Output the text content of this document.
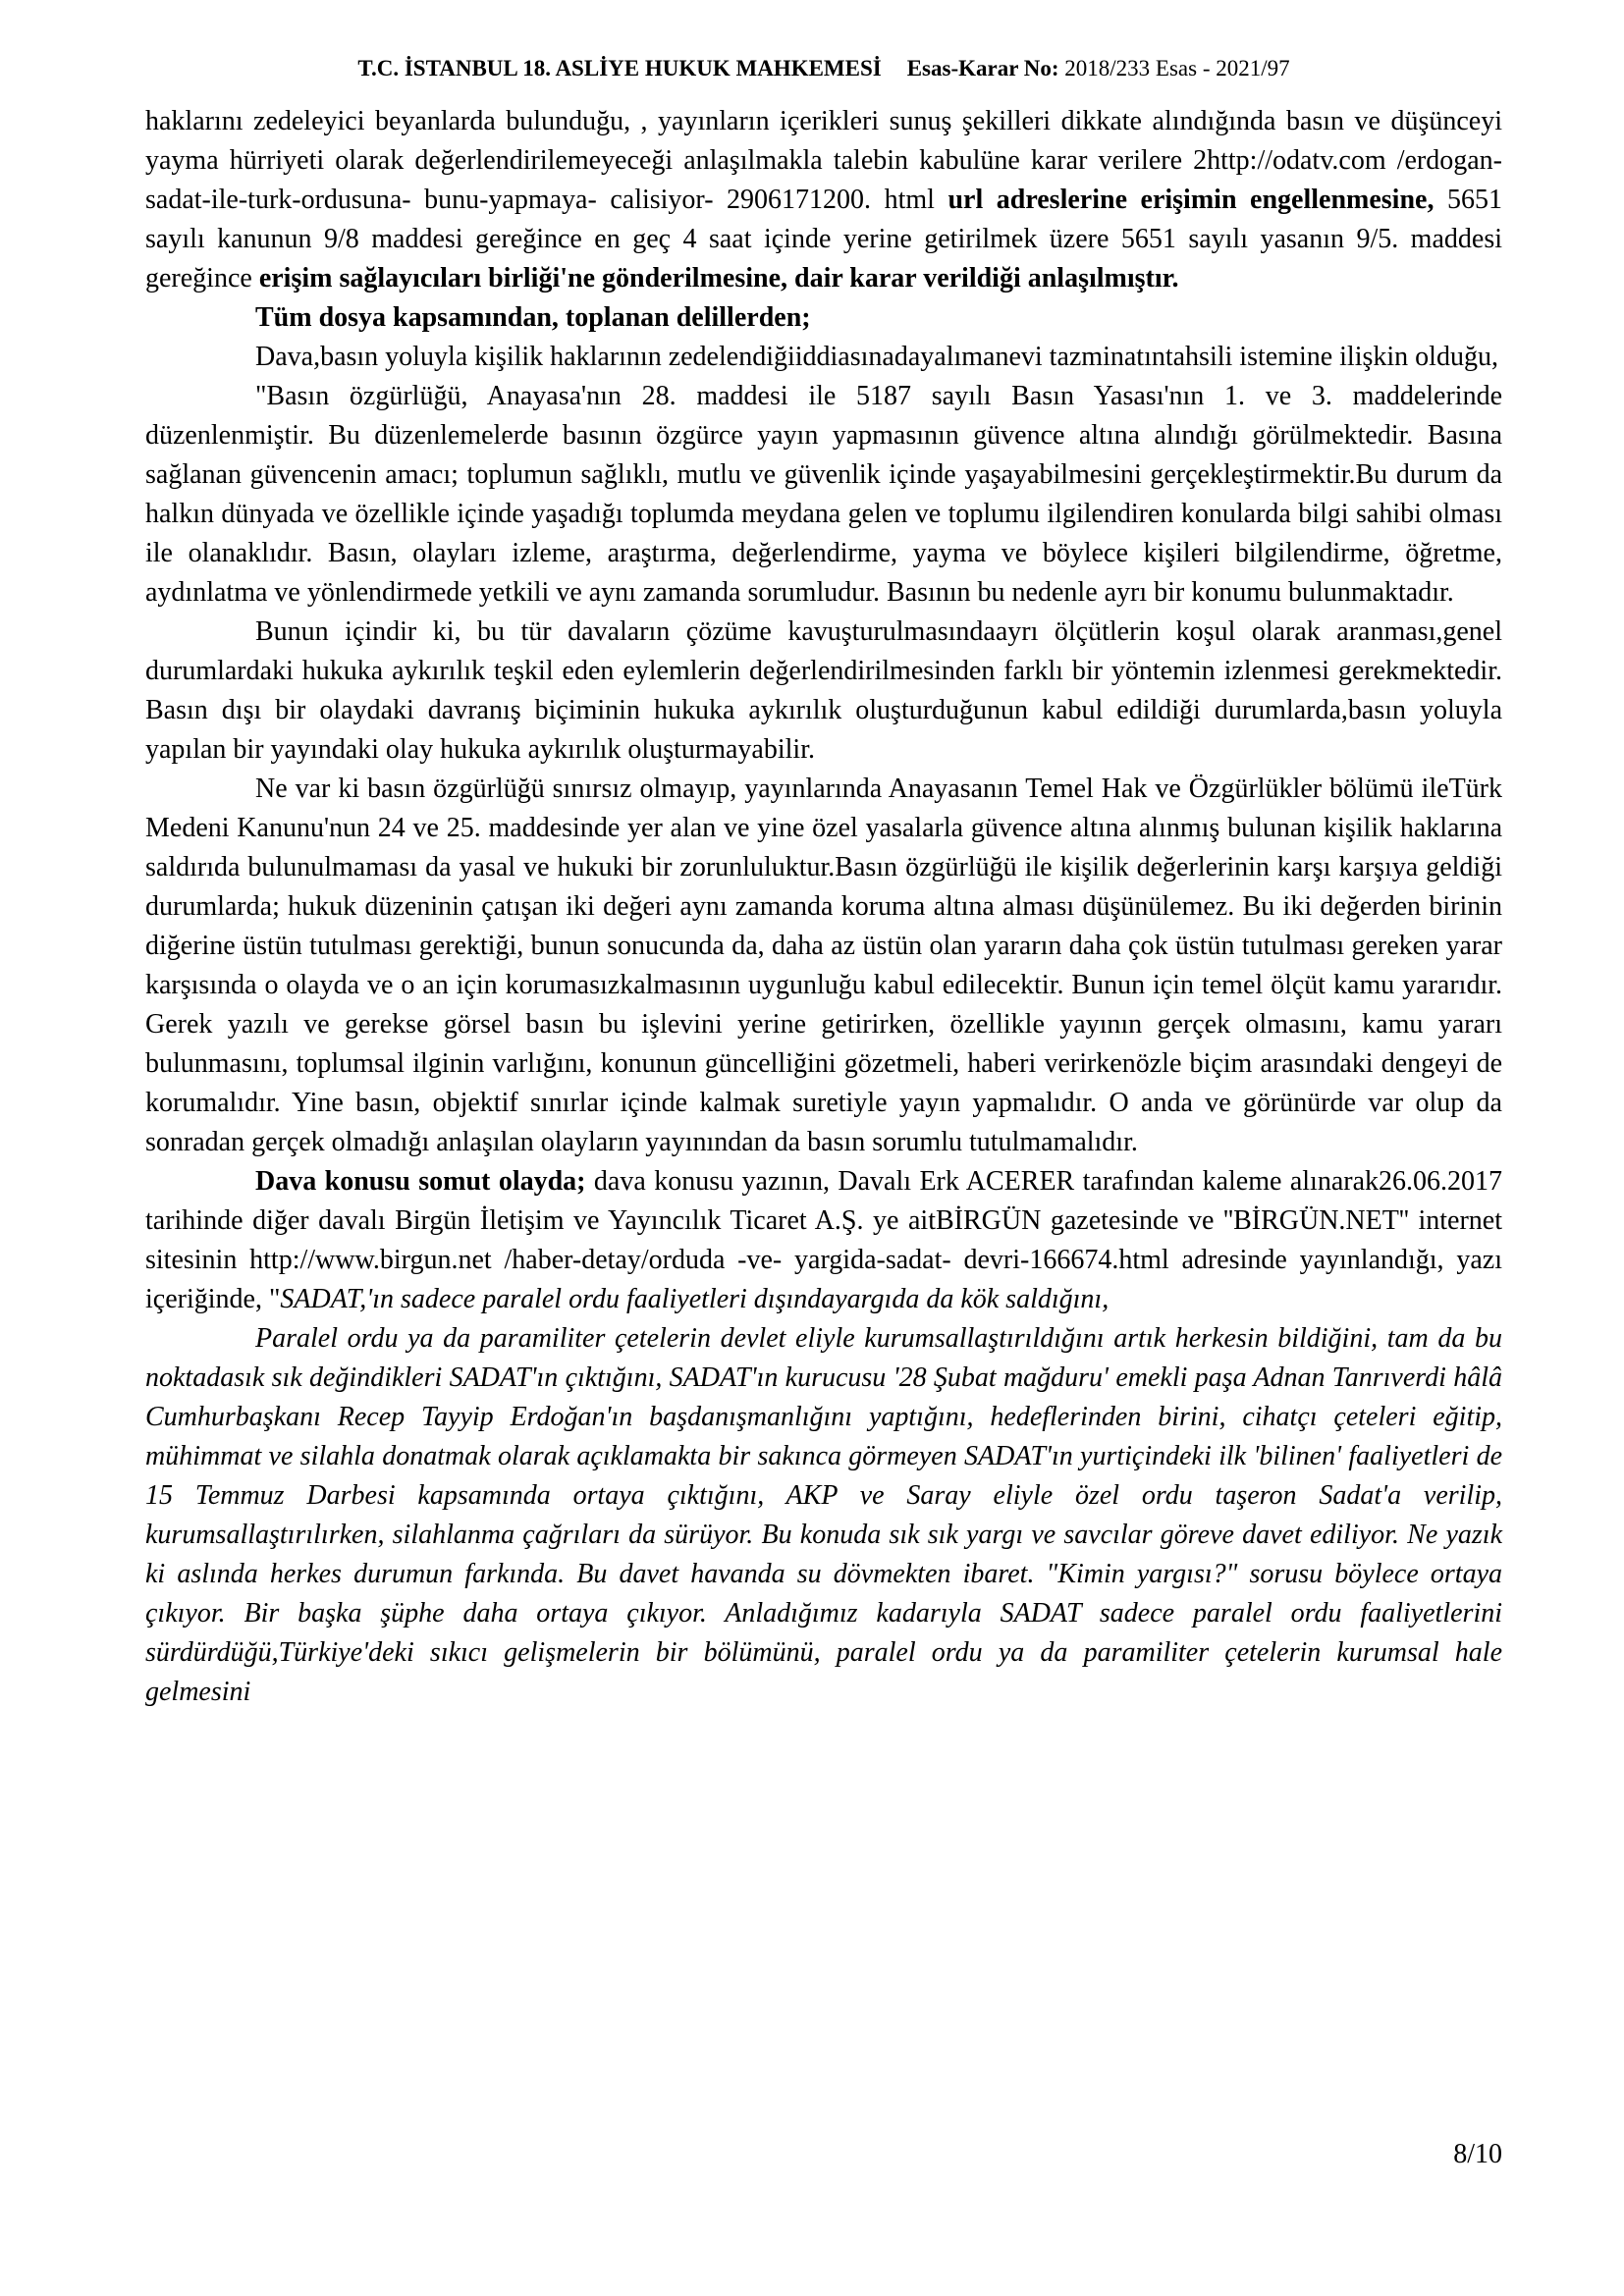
T.C. İSTANBUL 18. ASLİYE HUKUK MAHKEMESİ Esas-Karar No: 2018/233 Esas - 2021/97

haklarını zedeleyici beyanlarda bulunduğu, , yayınların içerikleri sunuş şekilleri dikkate alındığında basın ve düşünceyi yayma hürriyeti olarak değerlendirilemeyeceği anlaşılmakla talebin kabulüne karar verilere 2http://odatv.com /erdogan-sadat-ile-turk-ordusuna- bunu-yapmaya- calisiyor- 2906171200. html url adreslerine erişimin engellenmesine, 5651 sayılı kanunun 9/8 maddesi gereğince en geç 4 saat içinde yerine getirilmek üzere 5651 sayılı yasanın 9/5. maddesi gereğince erişim sağlayıcıları birliği'ne gönderilmesine, dair karar verildiği anlaşılmıştır.

Tüm dosya kapsamından, toplanan delillerden;

Dava,basın yoluyla kişilik haklarının zedelendiğiiddiasınadayalımanevi tazminatıntahsili istemine ilişkin olduğu,

"Basın özgürlüğü, Anayasa'nın 28. maddesi ile 5187 sayılı Basın Yasası'nın 1. ve 3. maddelerinde düzenlenmiştir. Bu düzenlemelerde basının özgürce yayın yapmasının güvence altına alındığı görülmektedir. Basına sağlanan güvencenin amacı; toplumun sağlıklı, mutlu ve güvenlik içinde yaşayabilmesini gerçekleştirmektir.Bu durum da halkın dünyada ve özellikle içinde yaşadığı toplumda meydana gelen ve toplumu ilgilendiren konularda bilgi sahibi olması ile olanaklıdır. Basın, olayları izleme, araştırma, değerlendirme, yayma ve böylece kişileri bilgilendirme, öğretme, aydınlatma ve yönlendirmede yetkili ve aynı zamanda sorumludur. Basının bu nedenle ayrı bir konumu bulunmaktadır.

Bunun içindir ki, bu tür davaların çözüme kavuşturulmasındaayrı ölçütlerin koşul olarak aranması,genel durumlardaki hukuka aykırılık teşkil eden eylemlerin değerlendirilmesinden farklı bir yöntemin izlenmesi gerekmektedir. Basın dışı bir olaydaki davranış biçiminin hukuka aykırılık oluşturduğunun kabul edildiği durumlarda,basın yoluyla yapılan bir yayındaki olay hukuka aykırılık oluşturmayabilir.

Ne var ki basın özgürlüğü sınırsız olmayıp, yayınlarında Anayasanın Temel Hak ve Özgürlükler bölümü ileTürk Medeni Kanunu'nun 24 ve 25. maddesinde yer alan ve yine özel yasalarla güvence altına alınmış bulunan kişilik haklarına saldırıda bulunulmaması da yasal ve hukuki bir zorunluluktur.Basın özgürlüğü ile kişilik değerlerinin karşı karşıya geldiği durumlarda; hukuk düzeninin çatışan iki değeri aynı zamanda koruma altına alması düşünülemez. Bu iki değerden birinin diğerine üstün tutulması gerektiği, bunun sonucunda da, daha az üstün olan yararın daha çok üstün tutulması gereken yarar karşısında o olayda ve o an için korumasızkalmasının uygunluğu kabul edilecektir. Bunun için temel ölçüt kamu yararıdır. Gerek yazılı ve gerekse görsel basın bu işlevini yerine getirirken, özellikle yayının gerçek olmasını, kamu yararı bulunmasını, toplumsal ilginin varlığını, konunun güncelliğini gözetmeli, haberi verirkenözle biçim arasındaki dengeyi de korumalıdır. Yine basın, objektif sınırlar içinde kalmak suretiyle yayın yapmalıdır. O anda ve görünürde var olup da sonradan gerçek olmadığı anlaşılan olayların yayınından da basın sorumlu tutulmamalıdır.

Dava konusu somut olayda; dava konusu yazının, Davalı Erk ACERER tarafından kaleme alınarak26.06.2017 tarihinde diğer davalı Birgün İletişim ve Yayıncılık Ticaret A.Ş. ye aitBİRGÜN gazetesinde ve ''BİRGÜN.NET'' internet sitesinin http://www.birgun.net /haber-detay/orduda -ve- yargida-sadat- devri-166674.html adresinde yayınlandığı, yazı içeriğinde, "SADAT,'ın sadece paralel ordu faaliyetleri dışındayargıda da kök saldığını,

Paralel ordu ya da paramiliter çetelerin devlet eliyle kurumsallaştırıldığını artık herkesin bildiğini, tam da bu noktadasık sık değindikleri SADAT'ın çıktığını, SADAT'ın kurucusu '28 Şubat mağduru' emekli paşa Adnan Tanrıverdi hâlâ Cumhurbaşkanı Recep Tayyip Erdoğan'ın başdanışmanlığını yaptığını, hedeflerinden birini, cihatçı çeteleri eğitip, mühimmat ve silahla donatmak olarak açıklamakta bir sakınca görmeyen SADAT'ın yurtiçindeki ilk 'bilinen' faaliyetleri de 15 Temmuz Darbesi kapsamında ortaya çıktığını, AKP ve Saray eliyle özel ordu taşeron Sadat'a verilip, kurumsallaştırılırken, silahlanma çağrıları da sürüyor. Bu konuda sık sık yargı ve savcılar göreve davet ediliyor. Ne yazık ki aslında herkes durumun farkında. Bu davet havanda su dövmekten ibaret. "Kimin yargısı?" sorusu böylece ortaya çıkıyor. Bir başka şüphe daha ortaya çıkıyor. Anladığımız kadarıyla SADAT sadece paralel ordu faaliyetlerini sürdürdüğü,Türkiye'deki sıkıcı gelişmelerin bir bölümünü, paralel ordu ya da paramiliter çetelerin kurumsal hale gelmesini

8/10
